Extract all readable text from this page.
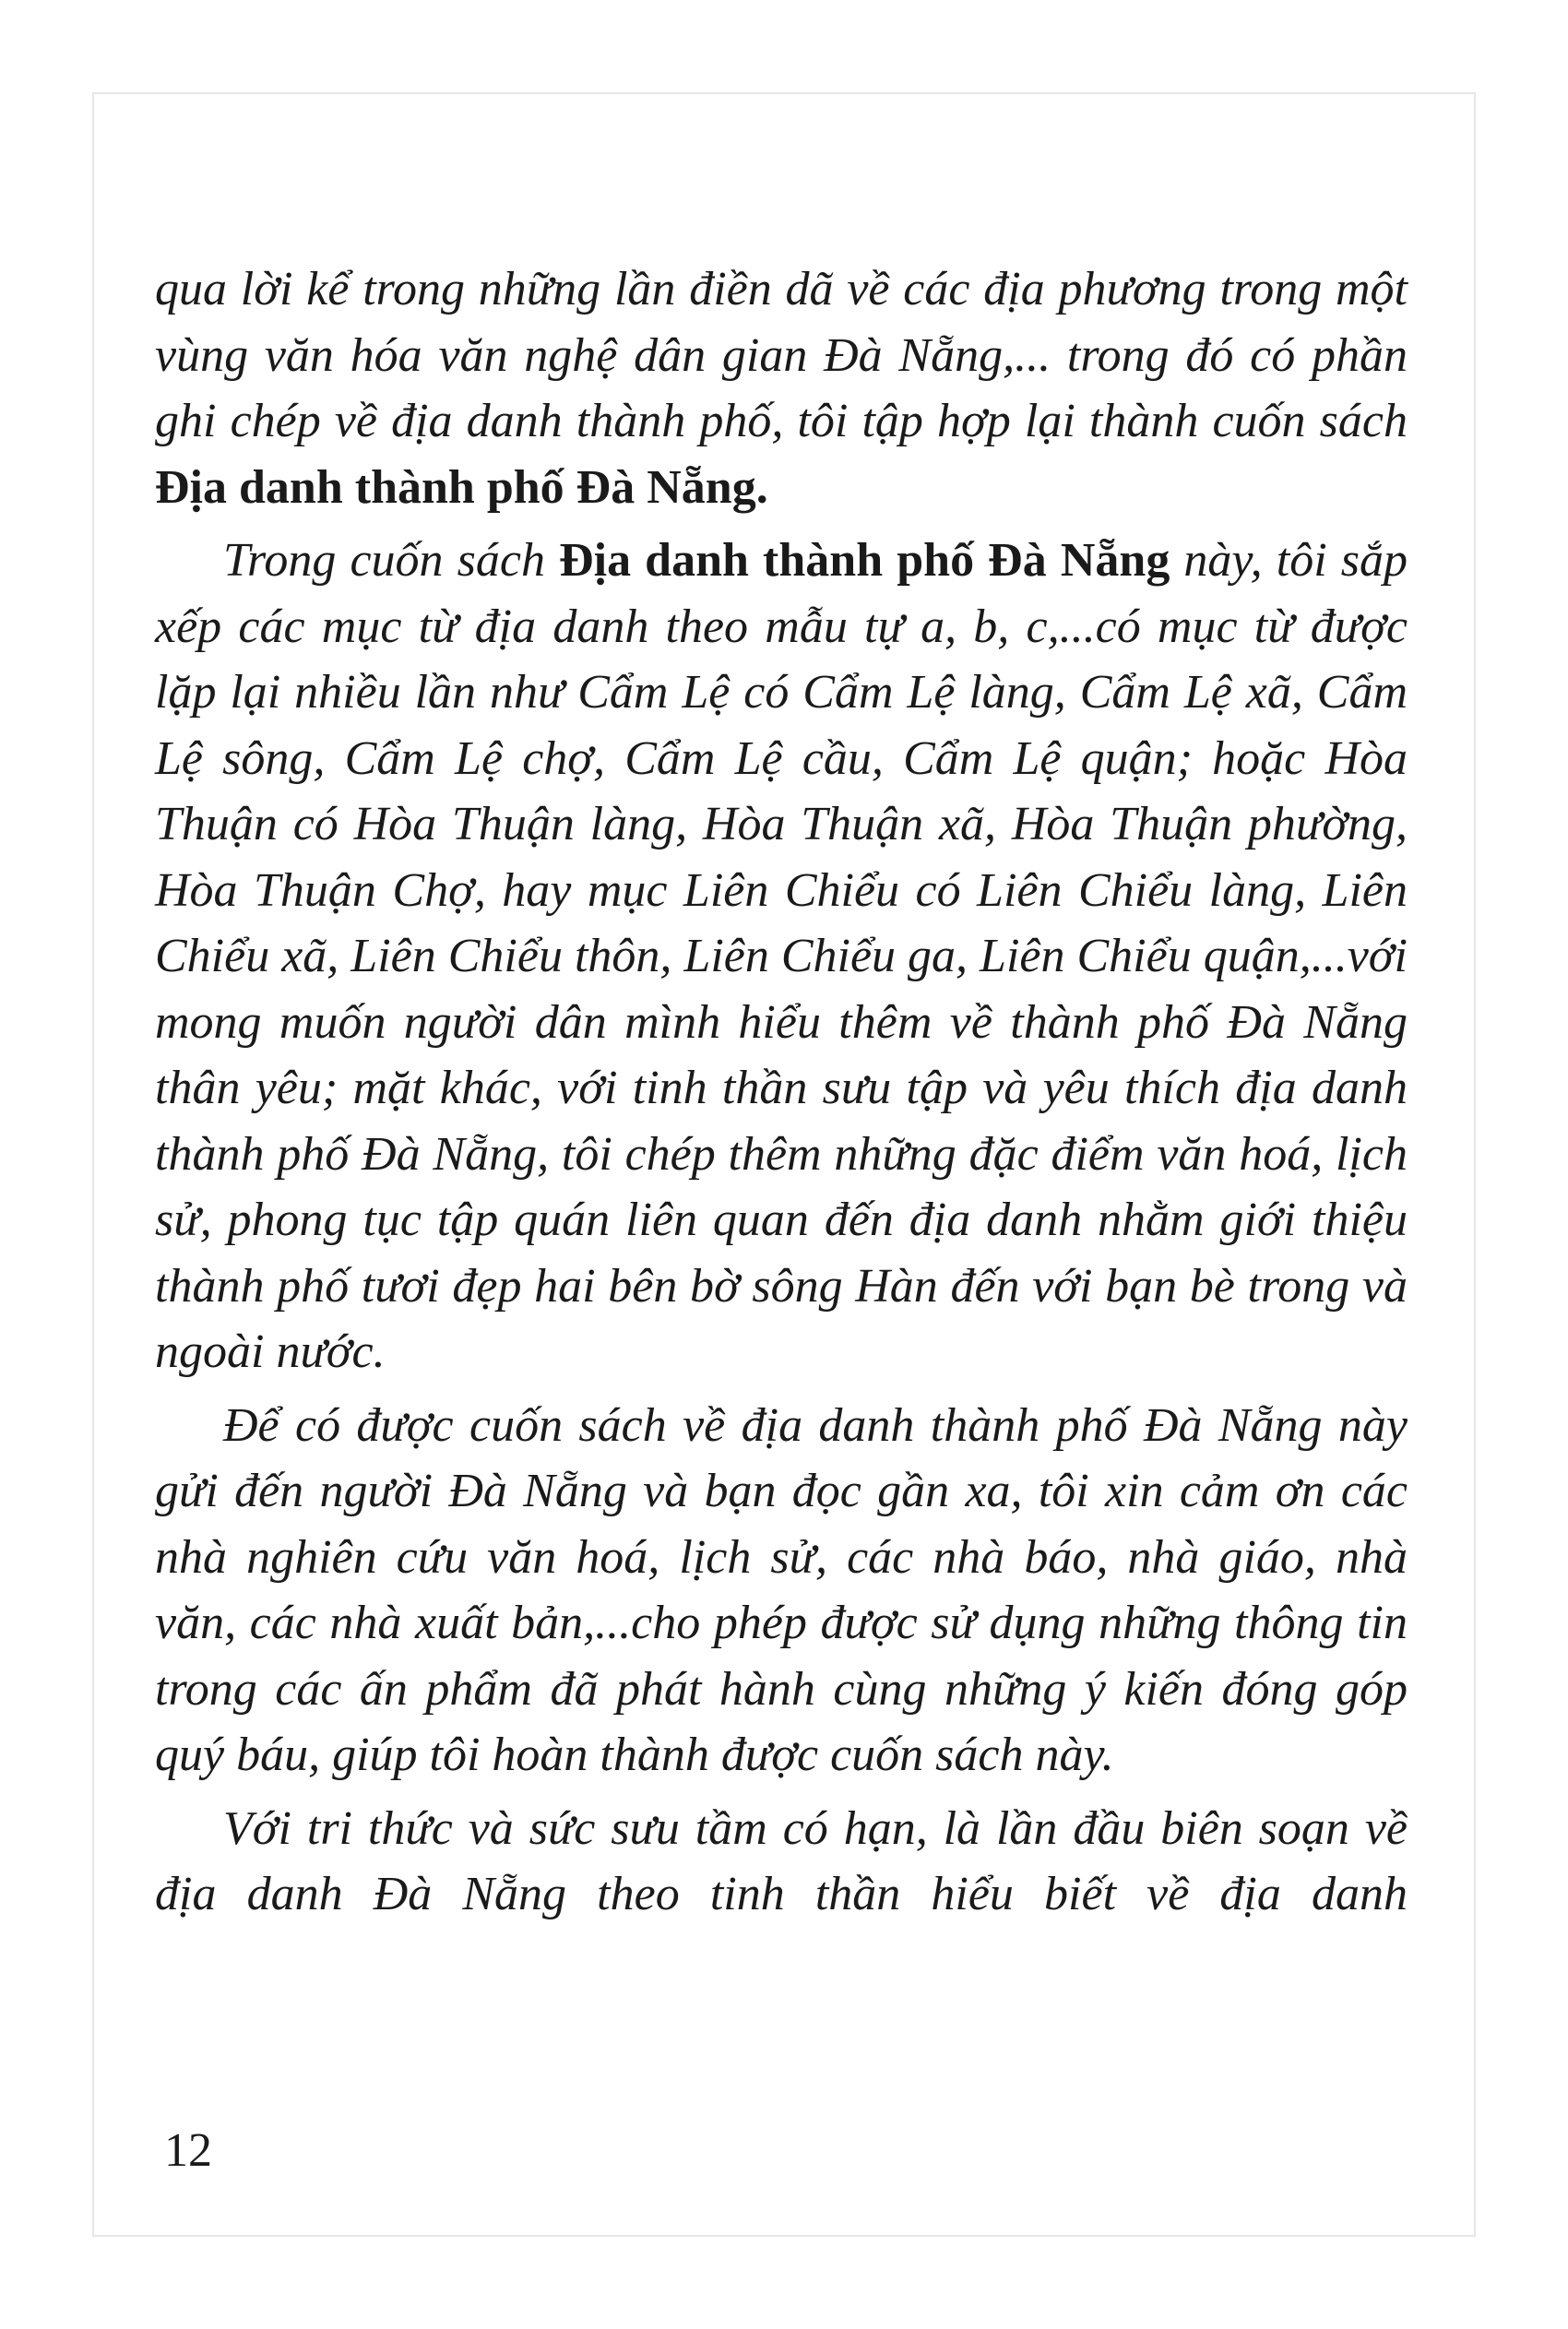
qua lời kể trong những lần điền dã về các địa phương trong một vùng văn hóa văn nghệ dân gian Đà Nẵng,... trong đó có phần ghi chép về địa danh thành phố, tôi tập hợp lại thành cuốn sách Địa danh thành phố Đà Nẵng.

Trong cuốn sách Địa danh thành phố Đà Nẵng này, tôi sắp xếp các mục từ địa danh theo mẫu tự a, b, c,...có mục từ được lặp lại nhiều lần như Cẩm Lệ có Cẩm Lệ làng, Cẩm Lệ xã, Cẩm Lệ sông, Cẩm Lệ chợ, Cẩm Lệ cầu, Cẩm Lệ quận; hoặc Hòa Thuận có Hòa Thuận làng, Hòa Thuận xã, Hòa Thuận phường, Hòa Thuận Chợ, hay mục Liên Chiểu có Liên Chiểu làng, Liên Chiểu xã, Liên Chiểu thôn, Liên Chiểu ga, Liên Chiểu quận,...với mong muốn người dân mình hiểu thêm về thành phố Đà Nẵng thân yêu; mặt khác, với tinh thần sưu tập và yêu thích địa danh thành phố Đà Nẵng, tôi chép thêm những đặc điểm văn hoá, lịch sử, phong tục tập quán liên quan đến địa danh nhằm giới thiệu thành phố tươi đẹp hai bên bờ sông Hàn đến với bạn bè trong và ngoài nước.

Để có được cuốn sách về địa danh thành phố Đà Nẵng này gửi đến người Đà Nẵng và bạn đọc gần xa, tôi xin cảm ơn các nhà nghiên cứu văn hoá, lịch sử, các nhà báo, nhà giáo, nhà văn, các nhà xuất bản,...cho phép được sử dụng những thông tin trong các ấn phẩm đã phát hành cùng những ý kiến đóng góp quý báu, giúp tôi hoàn thành được cuốn sách này.

Với tri thức và sức sưu tầm có hạn, là lần đầu biên soạn về địa danh Đà Nẵng theo tinh thần hiểu biết về địa danh

12
